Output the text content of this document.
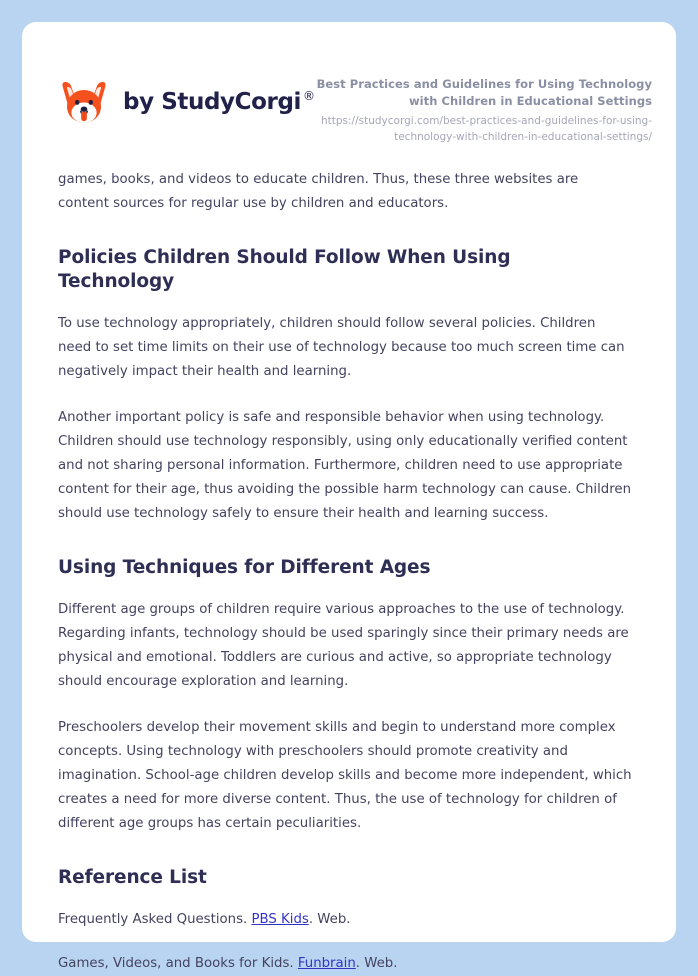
by StudyCorgi ®
Best Practices and Guidelines for Using Technology with Children in Educational Settings
https://studycorgi.com/best-practices-and-guidelines-for-using-technology-with-children-in-educational-settings/

games, books, and videos to educate children. Thus, these three websites are content sources for regular use by children and educators.

Policies Children Should Follow When Using Technology

To use technology appropriately, children should follow several policies. Children need to set time limits on their use of technology because too much screen time can negatively impact their health and learning.

Another important policy is safe and responsible behavior when using technology. Children should use technology responsibly, using only educationally verified content and not sharing personal information. Furthermore, children need to use appropriate content for their age, thus avoiding the possible harm technology can cause. Children should use technology safely to ensure their health and learning success.

Using Techniques for Different Ages

Different age groups of children require various approaches to the use of technology. Regarding infants, technology should be used sparingly since their primary needs are physical and emotional. Toddlers are curious and active, so appropriate technology should encourage exploration and learning.

Preschoolers develop their movement skills and begin to understand more complex concepts. Using technology with preschoolers should promote creativity and imagination. School-age children develop skills and become more independent, which creates a need for more diverse content. Thus, the use of technology for children of different age groups has certain peculiarities.

Reference List

Frequently Asked Questions. PBS Kids. Web.

Games, Videos, and Books for Kids. Funbrain. Web.
